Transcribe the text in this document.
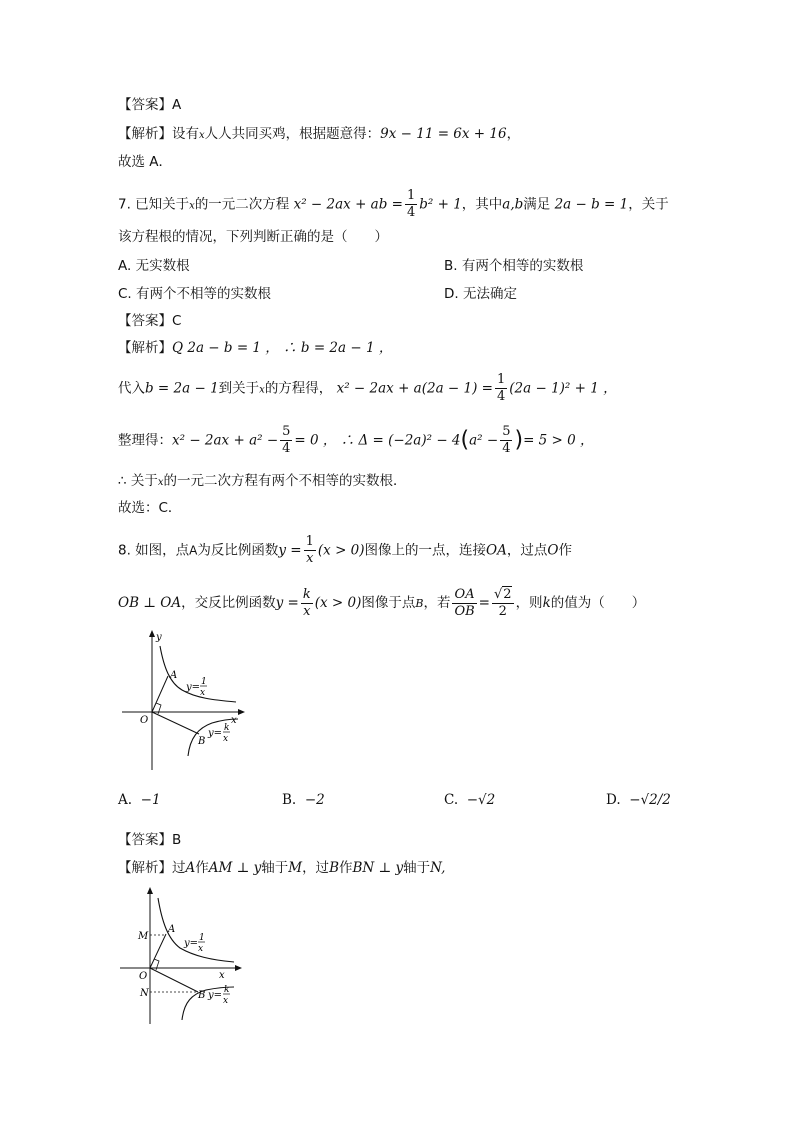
【答案】A
【解析】设有x人人共同买鸡，根据题意得：9x − 11 = 6x + 16，
故选 A．
7. 已知关于x的一元二次方程 x² − 2ax + ab = $\frac{1}{4} b^2 + 1$，其中a,b满足 2a − b = 1，关于
该方程根的情况，下列判断正确的是（　　）
A. 无实数根	B. 有两个相等的实数根
C. 有两个不相等的实数根	D. 无法确定
【答案】C
【解析】Q 2a − b = 1 ， ∴ b = 2a − 1 ，
代入b = 2a − 1到关于x的方程得， $x^2 - 2ax + a(2a - 1) = \frac{1}{4} (2a - 1)^2 + 1$ ，
整理得：$x^2 - 2ax + a^2 - \frac{5}{4} = 0$ ， ∴ $\Delta = (-2a)^2 - 4(a^2 - \frac{5}{4}$ )= 5 > 0 ，
∴ 关于x的一元二次方程有两个不相等的实数根．
故选：C．
8. 如图，点A为反比例函数$y = \frac{1}{x} (x > 0)$图像上的一点，连接OA，过点O作
OB ⊥ OA，交反比例函数$y = \frac{k}{x} (x > 0)$图像于点B，若 $\frac{OA}{OB} = \frac{√2}{2}$ ，则k的值为（　　）
y
x
O
A
B
y= 1
x
y= k
x
A. −1	B. −2	C. −√2	D. −√2/2
【答案】B
【解析】过A作AM ⊥ y轴于M，过B作BN ⊥ y轴于N,
x
O
M
N
A
B
y= 1
x
y= k
x
